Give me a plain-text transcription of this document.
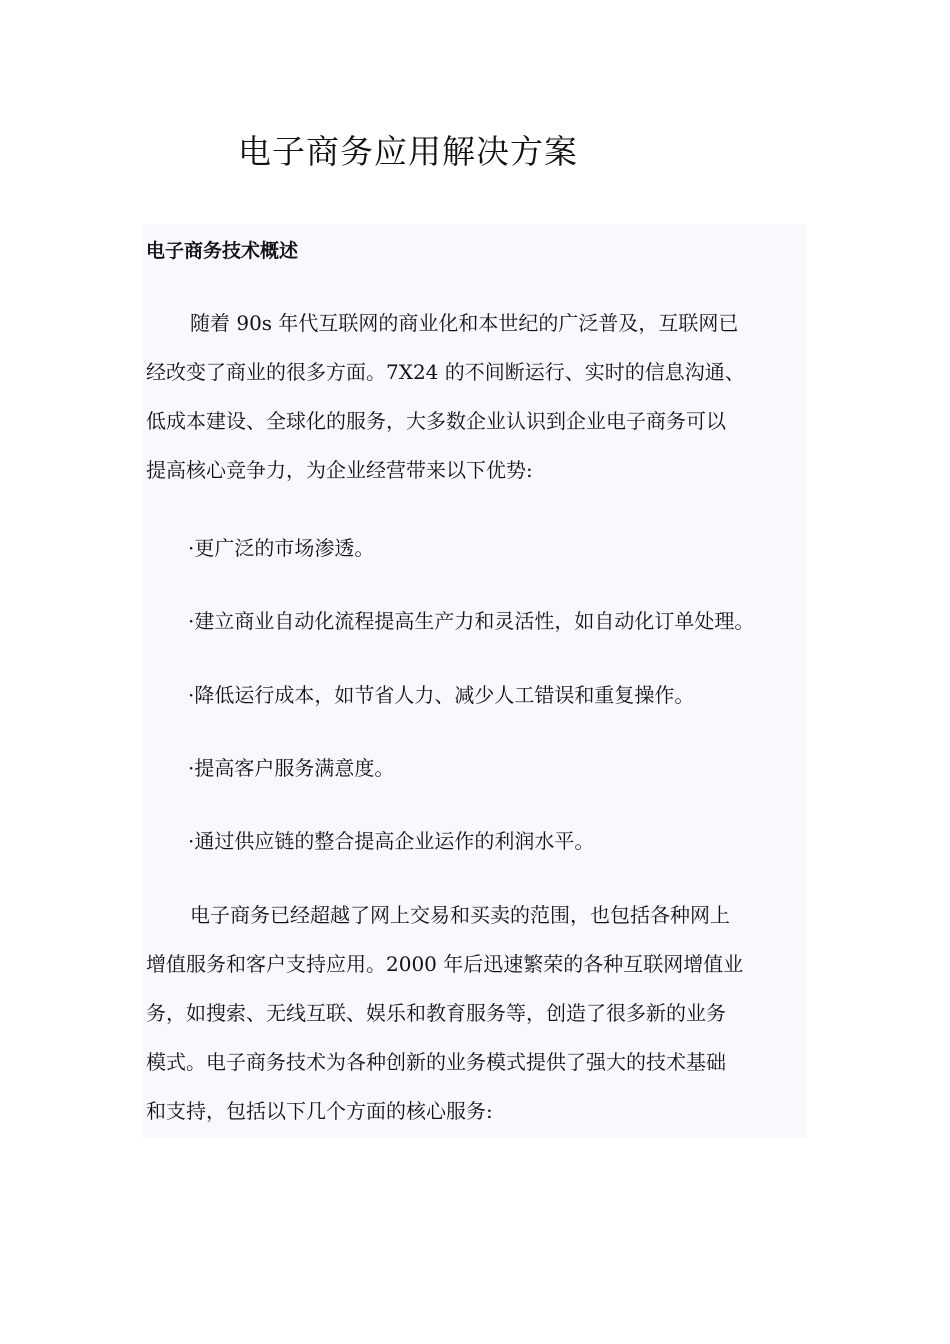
电子商务应用解决方案
电子商务技术概述

随着 90s 年代互联网的商业化和本世纪的广泛普及，互联网已
经改变了商业的很多方面。7X24 的不间断运行、实时的信息沟通、
低成本建设、全球化的服务，大多数企业认识到企业电子商务可以
提高核心竞争力，为企业经营带来以下优势:

·更广泛的市场渗透。

·建立商业自动化流程提高生产力和灵活性，如自动化订单处理。

·降低运行成本，如节省人力、减少人工错误和重复操作。

·提高客户服务满意度。

·通过供应链的整合提高企业运作的利润水平。

电子商务已经超越了网上交易和买卖的范围，也包括各种网上
增值服务和客户支持应用。2000 年后迅速繁荣的各种互联网增值业
务，如搜索、无线互联、娱乐和教育服务等，创造了很多新的业务
模式。电子商务技术为各种创新的业务模式提供了强大的技术基础
和支持，包括以下几个方面的核心服务:
